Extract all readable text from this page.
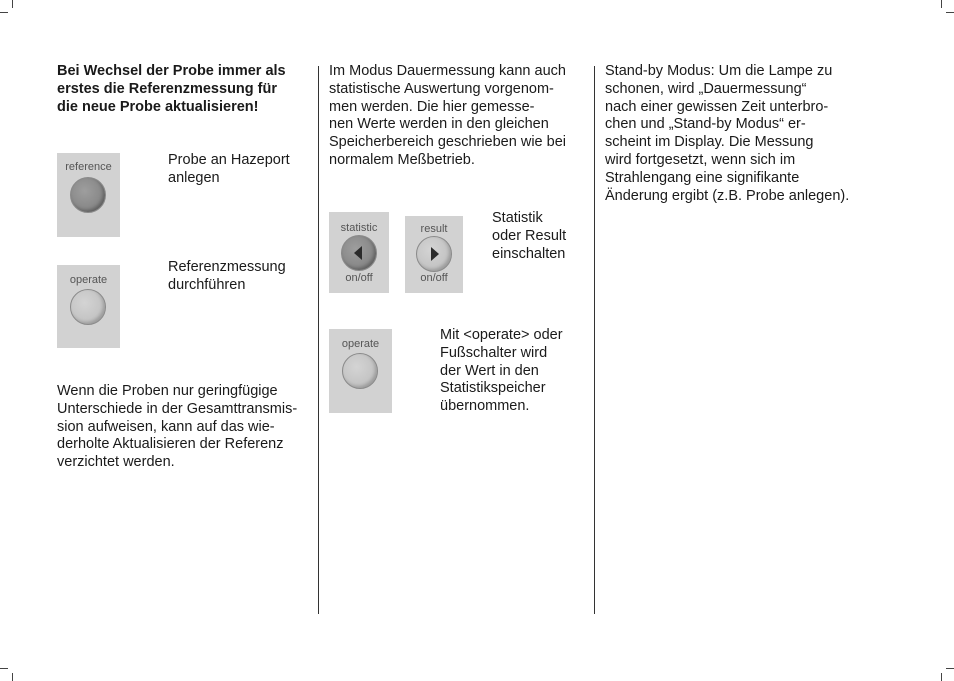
Bei Wechsel der Probe immer als
erstes die Referenzmessung für
die neue Probe aktualisieren!
reference	Probe an Hazeport
anlegen
operate
Referenzmessung
durchführen
Wenn die Proben nur geringfügige
Unterschiede in der Gesamttransmis-
sion aufweisen, kann auf das wie-
derholte Aktualisieren der Referenz
verzichtet werden.
Im Modus Dauermessung kann auch
statistische Auswertung vorgenom-
men werden. Die hier gemesse-
nen Werte werden in den gleichen
Speicherbereich geschrieben wie bei
normalem Meßbetrieb.
statistic
on/off
result
on/off
Statistik
oder Result
einschalten
operate
Mit <operate> oder
Fußschalter wird
der Wert in den
Statistikspeicher
übernommen.
Stand-by Modus: Um die Lampe zu
schonen, wird „Dauermessung“
nach einer gewissen Zeit unterbro-
chen und „Stand-by Modus“ er-
scheint im Display. Die Messung
wird fortgesetzt, wenn sich im
Strahlengang eine signifikante
Änderung ergibt (z.B. Probe anlegen).
